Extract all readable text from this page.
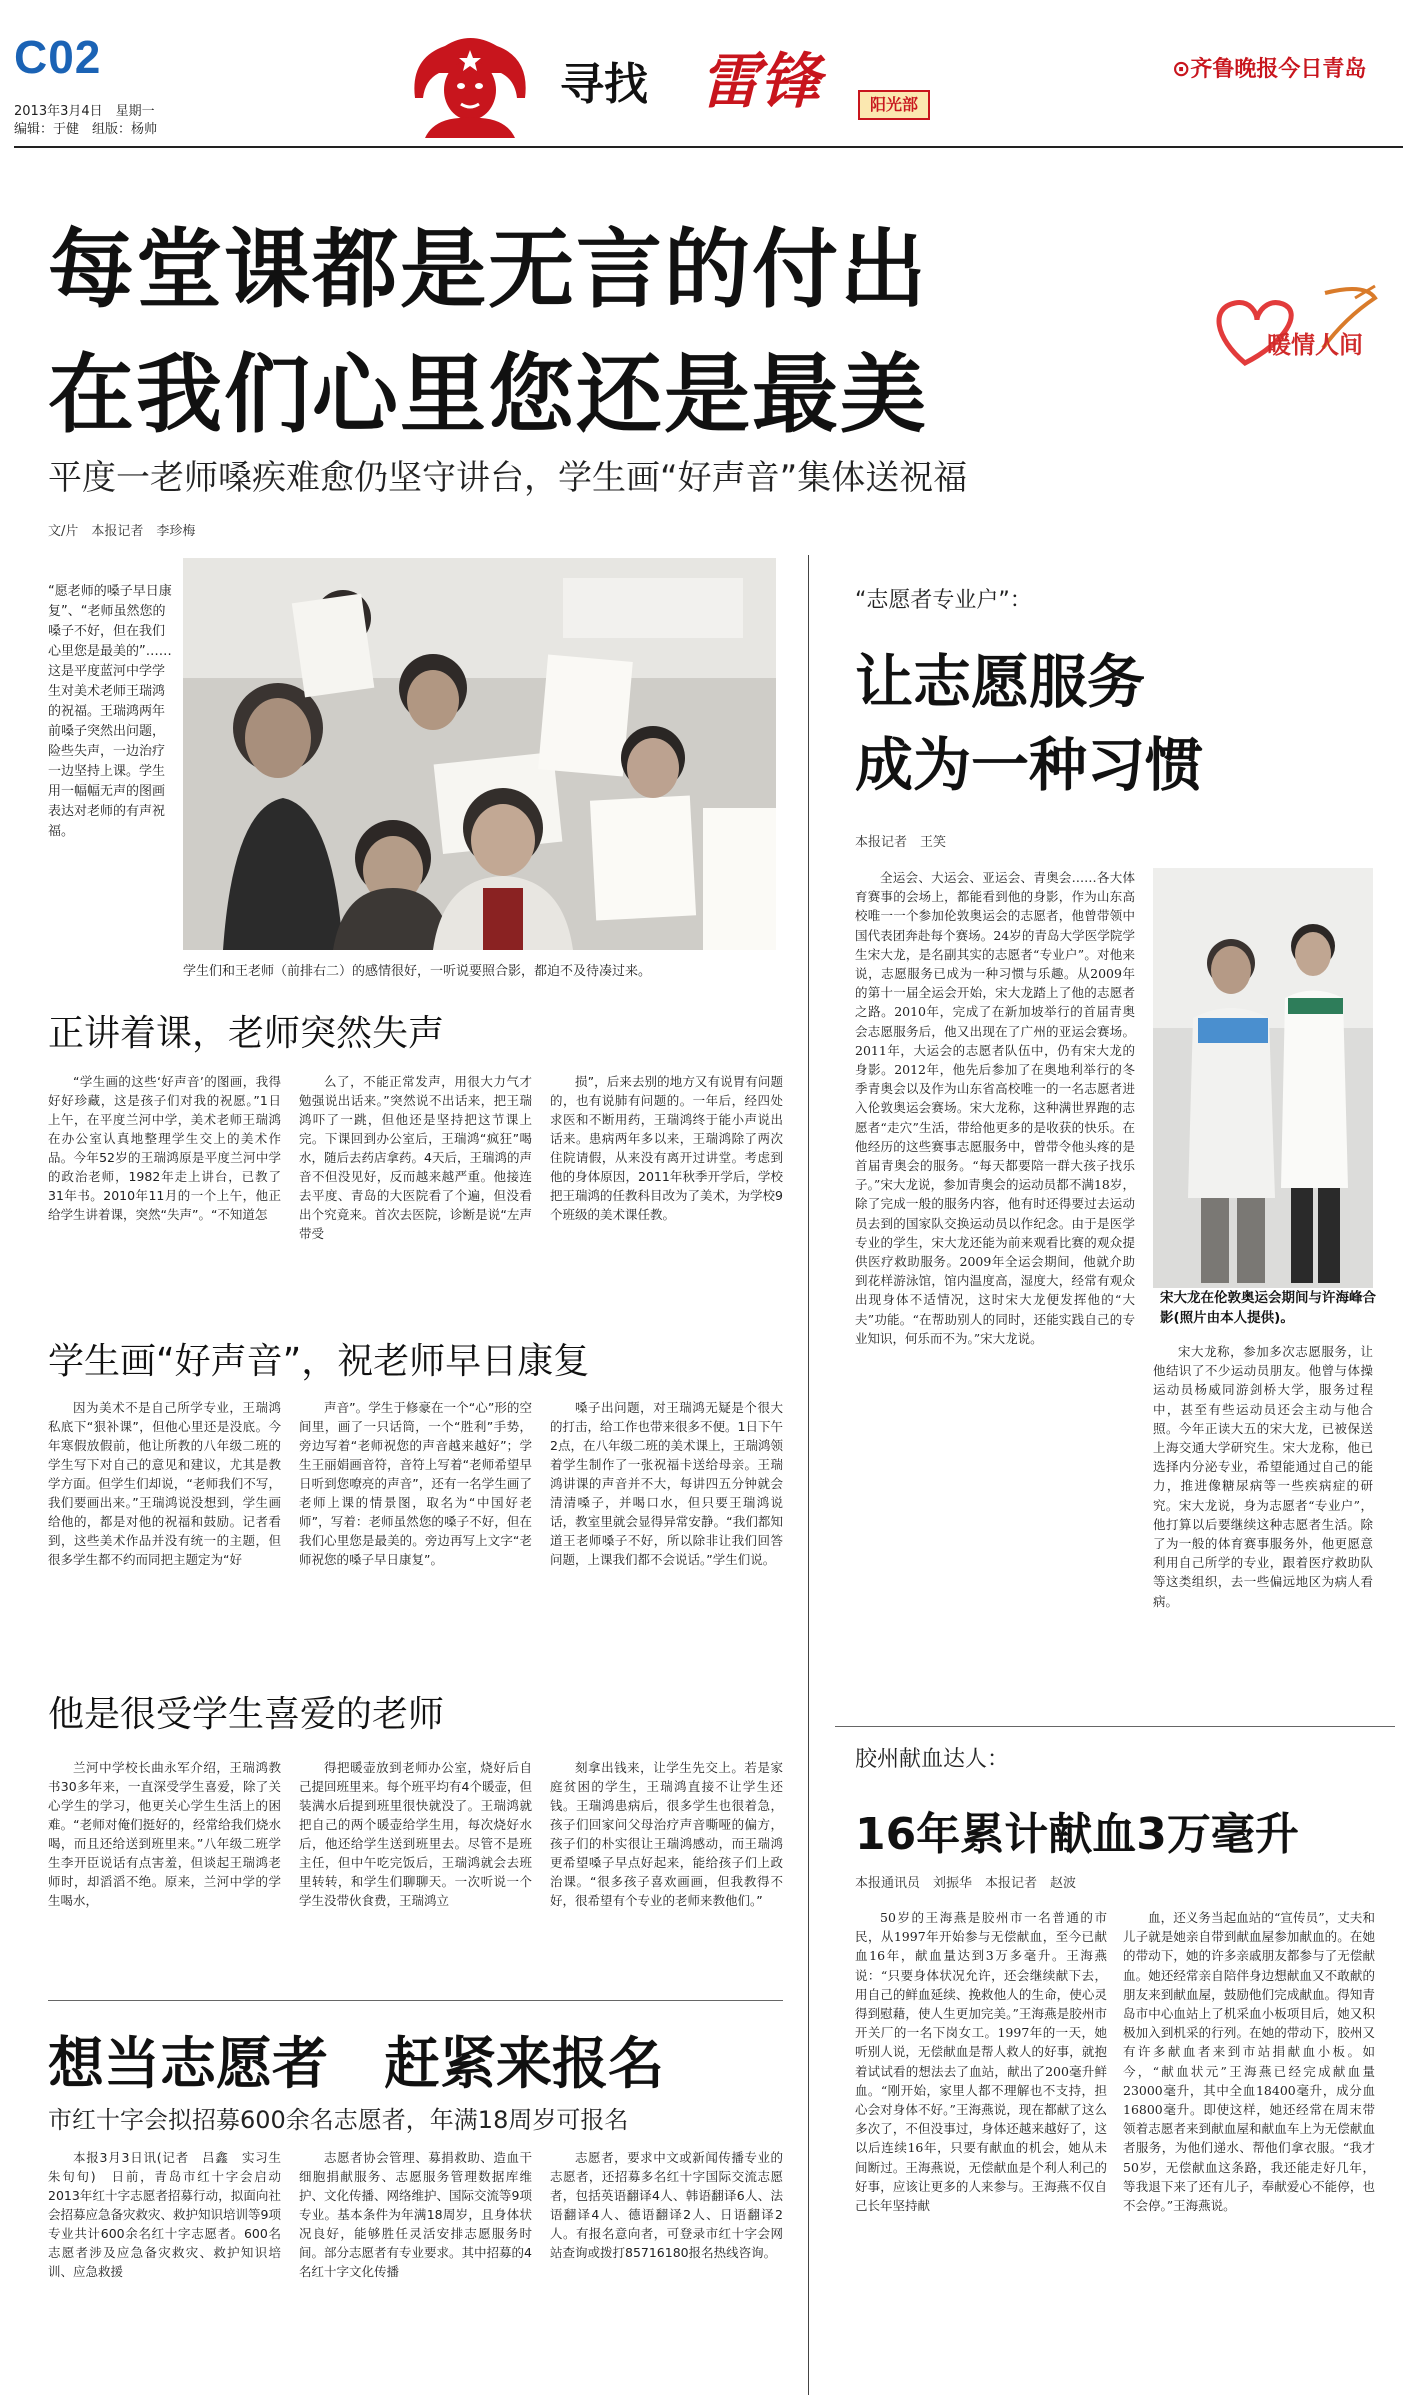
C02
2013年3月4日　星期一
编辑：于健　组版：杨帅
寻找 雷锋	阳光部
⊙齐鲁晚报今日青岛
每堂课都是无言的付出
在我们心里您还是最美	暖情人间
平度一老师嗓疾难愈仍坚守讲台，学生画“好声音”集体送祝福
文/片　本报记者　李珍梅
“愿老师的嗓子早日康复”、“老师虽然您的嗓子不好，但在我们心里您是最美的”……这是平度蓝河中学学生对美术老师王瑞鸿的祝福。王瑞鸿两年前嗓子突然出问题，险些失声，一边治疗一边坚持上课。学生用一幅幅无声的图画表达对老师的有声祝福。
学生们和王老师（前排右二）的感情很好，一听说要照合影，都迫不及待凑过来。
正讲着课，老师突然失声
“学生画的这些‘好声音’的图画，我得好好珍藏，这是孩子们对我的祝愿。”1日上午，在平度兰河中学，美术老师王瑞鸿在办公室认真地整理学生交上的美术作品。今年52岁的王瑞鸿原是平度兰河中学的政治老师，1982年走上讲台，已教了31年书。2010年11月的一个上午，他正给学生讲着课，突然“失声”。“不知道怎
么了，不能正常发声，用很大力气才勉强说出话来。”突然说不出话来，把王瑞鸿吓了一跳，但他还是坚持把这节课上完。下课回到办公室后，王瑞鸿“疯狂”喝水，随后去药店拿药。4天后，王瑞鸿的声音不但没见好，反而越来越严重。他接连去平度、青岛的大医院看了个遍，但没看出个究竟来。首次去医院，诊断是说“左声带受
损”，后来去别的地方又有说胃有问题的，也有说肺有问题的。一年后，经四处求医和不断用药，王瑞鸿终于能小声说出话来。患病两年多以来，王瑞鸿除了两次住院请假，从来没有离开过讲堂。考虑到他的身体原因，2011年秋季开学后，学校把王瑞鸿的任教科目改为了美术，为学校9个班级的美术课任教。
学生画“好声音”，祝老师早日康复
因为美术不是自己所学专业，王瑞鸿私底下“狠补课”，但他心里还是没底。今年寒假放假前，他让所教的八年级二班的学生写下对自己的意见和建议，尤其是教学方面。但学生们却说，“老师我们不写，我们要画出来。”王瑞鸿说没想到，学生画给他的，都是对他的祝福和鼓励。记者看到，这些美术作品并没有统一的主题，但很多学生都不约而同把主题定为“好
声音”。学生于修豪在一个“心”形的空间里，画了一只话筒，一个“胜利”手势，旁边写着“老师祝您的声音越来越好”；学生王丽娟画音符，音符上写着“老师希望早日听到您嘹亮的声音”，还有一名学生画了老师上课的情景图，取名为“中国好老师”，写着：老师虽然您的嗓子不好，但在我们心里您是最美的。旁边再写上文字“老师祝您的嗓子早日康复”。
嗓子出问题，对王瑞鸿无疑是个很大的打击，给工作也带来很多不便。1日下午2点，在八年级二班的美术课上，王瑞鸿领着学生制作了一张祝福卡送给母亲。王瑞鸿讲课的声音并不大，每讲四五分钟就会清清嗓子，并喝口水，但只要王瑞鸿说话，教室里就会显得异常安静。“我们都知道王老师嗓子不好，所以除非让我们回答问题，上课我们都不会说话。”学生们说。
他是很受学生喜爱的老师
兰河中学校长曲永军介绍，王瑞鸿教书30多年来，一直深受学生喜爱，除了关心学生的学习，他更关心学生生活上的困难。“老师对俺们挺好的，经常给我们烧水喝，而且还给送到班里来。”八年级二班学生李开臣说话有点害羞，但谈起王瑞鸿老师时，却滔滔不绝。原来，兰河中学的学生喝水，
得把暖壶放到老师办公室，烧好后自己提回班里来。每个班平均有4个暖壶，但装满水后提到班里很快就没了。王瑞鸿就把自己的两个暖壶给学生用，每次烧好水后，他还给学生送到班里去。尽管不是班主任，但中午吃完饭后，王瑞鸿就会去班里转转，和学生们聊聊天。一次听说一个学生没带伙食费，王瑞鸿立
刻拿出钱来，让学生先交上。若是家庭贫困的学生，王瑞鸿直接不让学生还钱。王瑞鸿患病后，很多学生也很着急，孩子们回家问父母治疗声音嘶哑的偏方，孩子们的朴实很让王瑞鸿感动，而王瑞鸿更希望嗓子早点好起来，能给孩子们上政治课。“很多孩子喜欢画画，但我教得不好，很希望有个专业的老师来教他们。”
想当志愿者　赶紧来报名
市红十字会拟招募600余名志愿者，年满18周岁可报名
本报3月3日讯(记者　吕鑫　实习生　朱旬旬)　日前，青岛市红十字会启动2013年红十字志愿者招募行动，拟面向社会招募应急备灾救灾、救护知识培训等9项专业共计600余名红十字志愿者。600名志愿者涉及应急备灾救灾、救护知识培训、应急救援
志愿者协会管理、募捐救助、造血干细胞捐献服务、志愿服务管理数据库维护、文化传播、网络维护、国际交流等9项专业。基本条件为年满18周岁，且身体状况良好，能够胜任灵活安排志愿服务时间。部分志愿者有专业要求。其中招募的4名红十字文化传播
志愿者，要求中文或新闻传播专业的志愿者，还招募多名红十字国际交流志愿者，包括英语翻译4人、韩语翻译6人、法语翻译4人、德语翻译2人、日语翻译2人。有报名意向者，可登录市红十字会网站查询或拨打85716180报名热线咨询。
“志愿者专业户”：
让志愿服务
成为一种习惯
本报记者　王笑
全运会、大运会、亚运会、青奥会……各大体育赛事的会场上，都能看到他的身影，作为山东高校唯一一个参加伦敦奥运会的志愿者，他曾带领中国代表团奔赴每个赛场。24岁的青岛大学医学院学生宋大龙，是名副其实的志愿者“专业户”。对他来说，志愿服务已成为一种习惯与乐趣。从2009年的第十一届全运会开始，宋大龙踏上了他的志愿者之路。2010年，完成了在新加坡举行的首届青奥会志愿服务后，他又出现在了广州的亚运会赛场。2011年，大运会的志愿者队伍中，仍有宋大龙的身影。2012年，他先后参加了在奥地利举行的冬季青奥会以及作为山东省高校唯一的一名志愿者进入伦敦奥运会赛场。宋大龙称，这种满世界跑的志愿者“走穴”生活，带给他更多的是收获的快乐。在他经历的这些赛事志愿服务中，曾带令他头疼的是首届青奥会的服务。“每天都要陪一群大孩子找乐子。”宋大龙说，参加青奥会的运动员都不满18岁，除了完成一般的服务内容，他有时还得要过去运动员去到的国家队交换运动员以作纪念。由于是医学专业的学生，宋大龙还能为前来观看比赛的观众提供医疗救助服务。2009年全运会期间，他就介助到花样游泳馆，馆内温度高，湿度大，经常有观众出现身体不适情况，这时宋大龙便发挥他的“大夫”功能。“在帮助别人的同时，还能实践自己的专业知识，何乐而不为。”宋大龙说。
宋大龙在伦敦奥运会期间与许海峰合影(照片由本人提供)。
宋大龙称，参加多次志愿服务，让他结识了不少运动员朋友。他曾与体操运动员杨威同游剑桥大学，服务过程中，甚至有些运动员还会主动与他合照。今年正读大五的宋大龙，已被保送上海交通大学研究生。宋大龙称，他已选择内分泌专业，希望能通过自己的能力，推进像糖尿病等一些疾病症的研究。宋大龙说，身为志愿者“专业户”，他打算以后要继续这种志愿者生活。除了为一般的体育赛事服务外，他更愿意利用自己所学的专业，跟着医疗救助队等这类组织，去一些偏远地区为病人看病。
胶州献血达人：
16年累计献血3万毫升
本报通讯员　刘振华　本报记者　赵波
50岁的王海燕是胶州市一名普通的市民，从1997年开始参与无偿献血，至今已献血16年，献血量达到3万多毫升。王海燕说：“只要身体状况允许，还会继续献下去，用自己的鲜血延续、挽救他人的生命，使心灵得到慰藉，使人生更加完美。”王海燕是胶州市开关厂的一名下岗女工。1997年的一天，她听别人说，无偿献血是帮人救人的好事，就抱着试试看的想法去了血站，献出了200毫升鲜血。“刚开始，家里人都不理解也不支持，担心会对身体不好。”王海燕说，现在都献了这么多次了，不但没事过，身体还越来越好了，这以后连续16年，只要有献血的机会，她从未间断过。王海燕说，无偿献血是个利人利己的好事，应该让更多的人来参与。王海燕不仅自己长年坚持献
血，还义务当起血站的“宣传员”，丈夫和儿子就是她亲自带到献血屋参加献血的。在她的带动下，她的许多亲戚朋友都参与了无偿献血。她还经常亲自陪伴身边想献血又不敢献的朋友来到献血屋，鼓励他们完成献血。得知青岛市中心血站上了机采血小板项目后，她又积极加入到机采的行列。在她的带动下，胶州又有许多献血者来到市站捐献血小板。如今，“献血状元”王海燕已经完成献血量23000毫升，其中全血18400毫升，成分血16800毫升。即使这样，她还经常在周末带领着志愿者来到献血屋和献血车上为无偿献血者服务，为他们递水、帮他们拿衣服。“我才50岁，无偿献血这条路，我还能走好几年，等我退下来了还有儿子，奉献爱心不能停，也不会停。”王海燕说。
